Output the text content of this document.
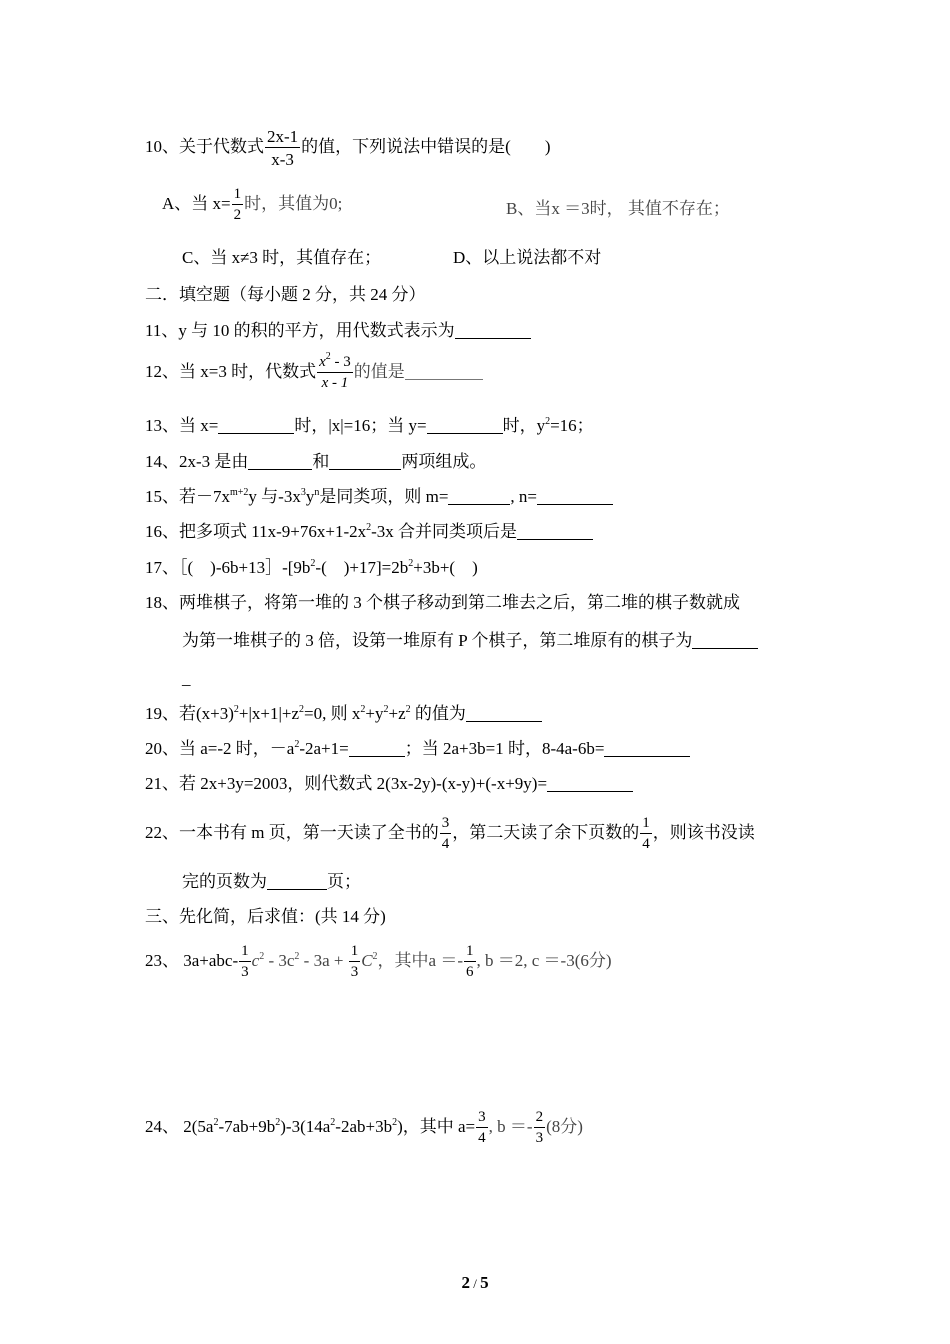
10、关于代数式 $\frac{2x-1}{x-3}$ 的值，下列说法中错误的是(　　)
A、当 $x= \frac{1}{2}$ 时，其值为0;	B、当x ＝3时， 其值不存在；
C、当 x≠3 时，其值存在；	D、以上说法都不对
二．填空题（每小题 2 分，共 24 分）
11、y 与 10 的积的平方，用代数式表示为
12、当 x=3 时，代数式 $\frac{x^2 - 3}{x - 1}$ 的值是
13、当 x=	时，|x|=16；当 y=	时，$y^2=16$；
14、2x-3 是由	和	两项组成。
15、若$-7x^{m+2}y$ 与$-3x^3y^n$是同类项，则 m=	, n=
16、把多项式 $11x-9+76x+1-2x^2-3x$ 合并同类项后是
17、［(　)$-6b+13]-[9b^2-$(　)$+17]=2b^2+3b+$(　)
18、两堆棋子，将第一堆的 3 个棋子移动到第二堆去之后，第二堆的棋子数就成
为第一堆棋子的 3 倍，设第一堆原有 P 个棋子，第二堆原有的棋子为
_
19、若$(x+3)^2+|x+1|+z^2=0$, 则 $x^2+y^2+z^2$ 的值为
20、当 a=-2 时，$-a^2-2a+1=$	；当 2a+3b=1 时，8-4a-6b=
21、若 2x+3y=2003，则代数式 2(3x-2y)-(x-y)+(-x+9y)=
22、一本书有 m 页，第一天读了全书的 $\frac{3}{4}$ ，第二天读了余下页数的 $\frac{1}{4}$ ，则该书没读
完的页数为	页；
三、先化简，后求值：(共 14 分)
23、 $3a+abc- \frac{1}{3} c^2 - 3c^2 - 3a + \frac{1}{3} C^2$，其中$a =- \frac{1}{6}$ , b ＝2, c ＝-3(6分)
24、 $2(5a^2-7ab+9b^2)-3(14a^2-2ab+3b^2)$，其中 $a= \frac{3}{4}$ , $b =- \frac{2}{3} (8$分)
2 / 5
